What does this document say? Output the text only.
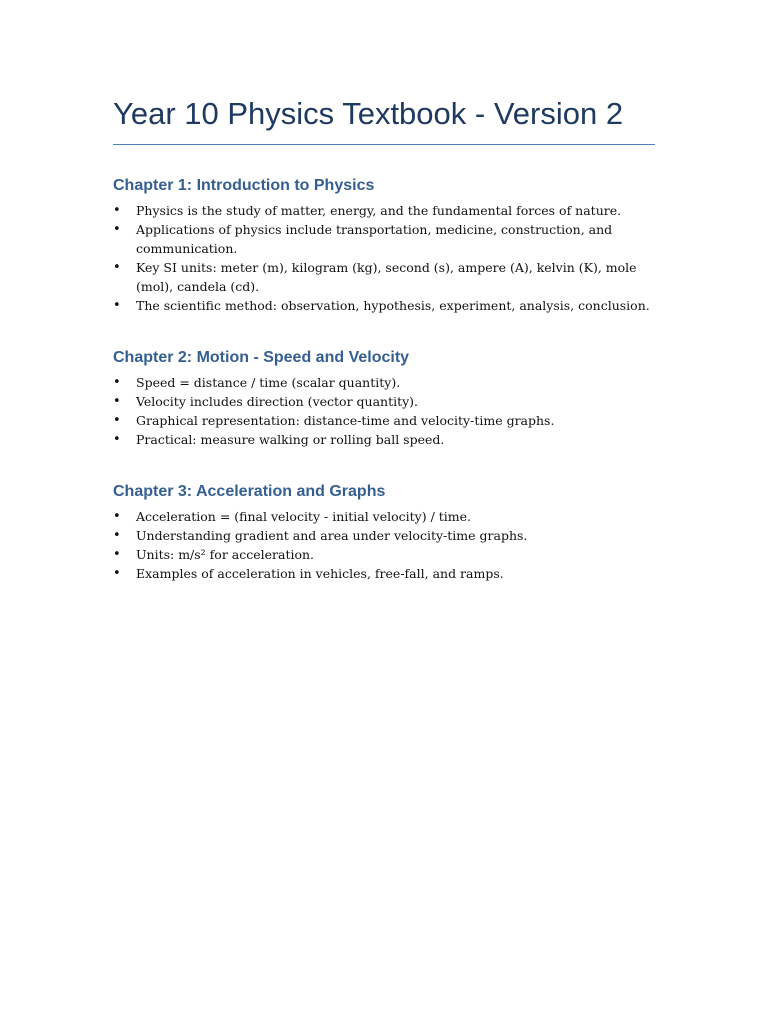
Year 10 Physics Textbook - Version 2
Chapter 1: Introduction to Physics
• Physics is the study of matter, energy, and the fundamental forces of nature.
• Applications of physics include transportation, medicine, construction, and communication.
• Key SI units: meter (m), kilogram (kg), second (s), ampere (A), kelvin (K), mole (mol), candela (cd).
• The scientific method: observation, hypothesis, experiment, analysis, conclusion.
Chapter 2: Motion - Speed and Velocity
• Speed = distance / time (scalar quantity).
• Velocity includes direction (vector quantity).
• Graphical representation: distance-time and velocity-time graphs.
• Practical: measure walking or rolling ball speed.
Chapter 3: Acceleration and Graphs
• Acceleration = (final velocity - initial velocity) / time.
• Understanding gradient and area under velocity-time graphs.
• Units: m/s² for acceleration.
• Examples of acceleration in vehicles, free-fall, and ramps.
